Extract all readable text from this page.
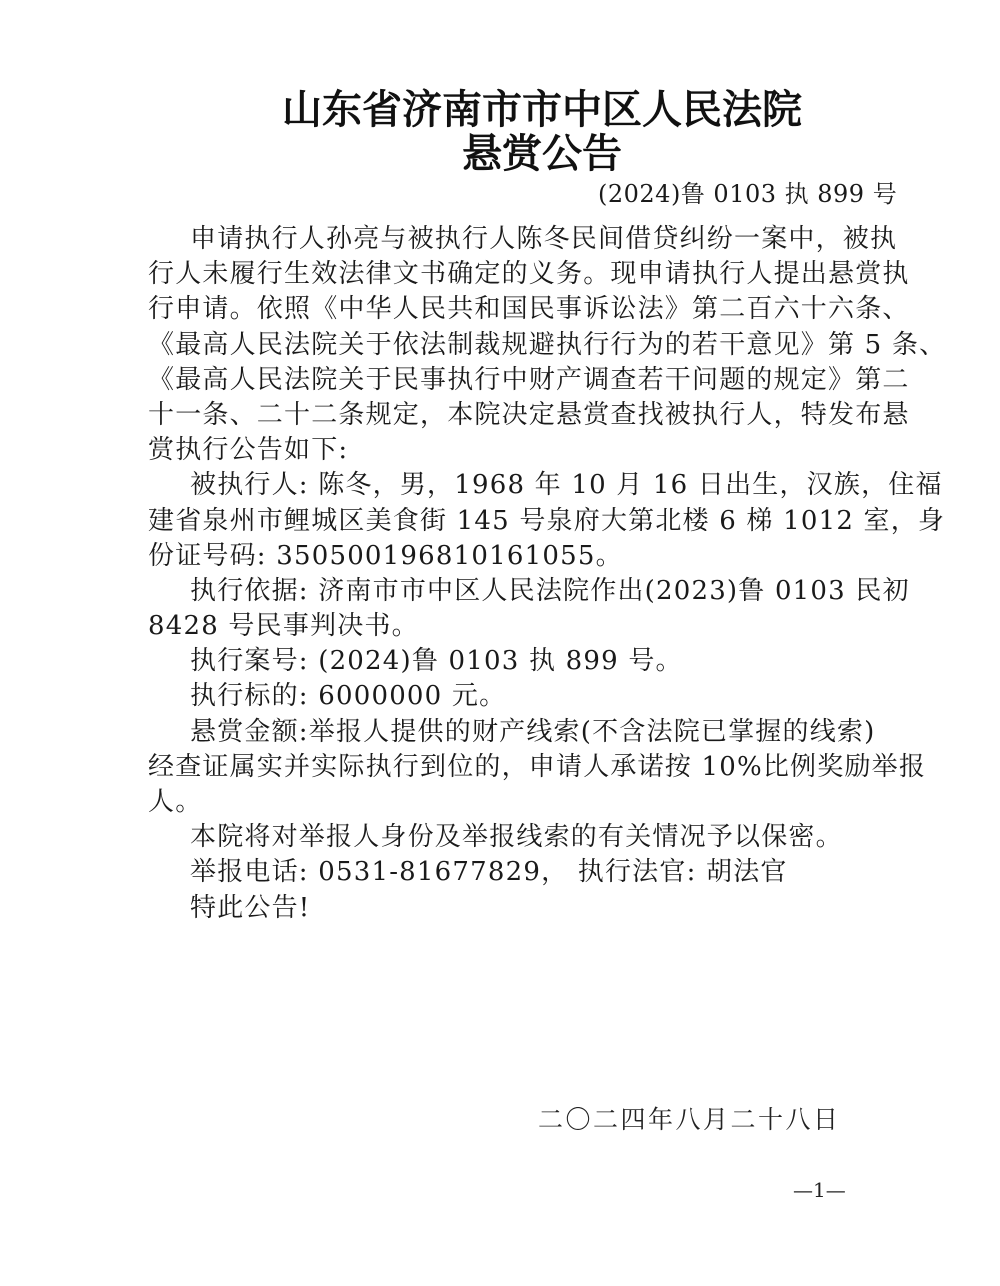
山东省济南市市中区人民法院
悬赏公告
(2024)鲁 0103 执 899 号
申请执行人孙亮与被执行人陈冬民间借贷纠纷一案中，被执
行人未履行生效法律文书确定的义务。现申请执行人提出悬赏执
行申请。依照《中华人民共和国民事诉讼法》第二百六十六条、
《最高人民法院关于依法制裁规避执行行为的若干意见》第 5 条、
《最高人民法院关于民事执行中财产调查若干问题的规定》第二
十一条、二十二条规定，本院决定悬赏查找被执行人，特发布悬
赏执行公告如下:
被执行人: 陈冬，男，1968 年 10 月 16 日出生，汉族，住福
建省泉州市鲤城区美食街 145 号泉府大第北楼 6 梯 1012 室，身
份证号码: 350500196810161055。
执行依据: 济南市市中区人民法院作出(2023)鲁 0103 民初
8428 号民事判决书。
执行案号: (2024)鲁 0103 执 899 号。
执行标的: 6000000 元。
悬赏金额:举报人提供的财产线索(不含法院已掌握的线索)
经查证属实并实际执行到位的，申请人承诺按 10%比例奖励举报
人。
本院将对举报人身份及举报线索的有关情况予以保密。
举报电话: 0531-81677829， 执行法官: 胡法官
特此公告!
二〇二四年八月二十八日
—1—
